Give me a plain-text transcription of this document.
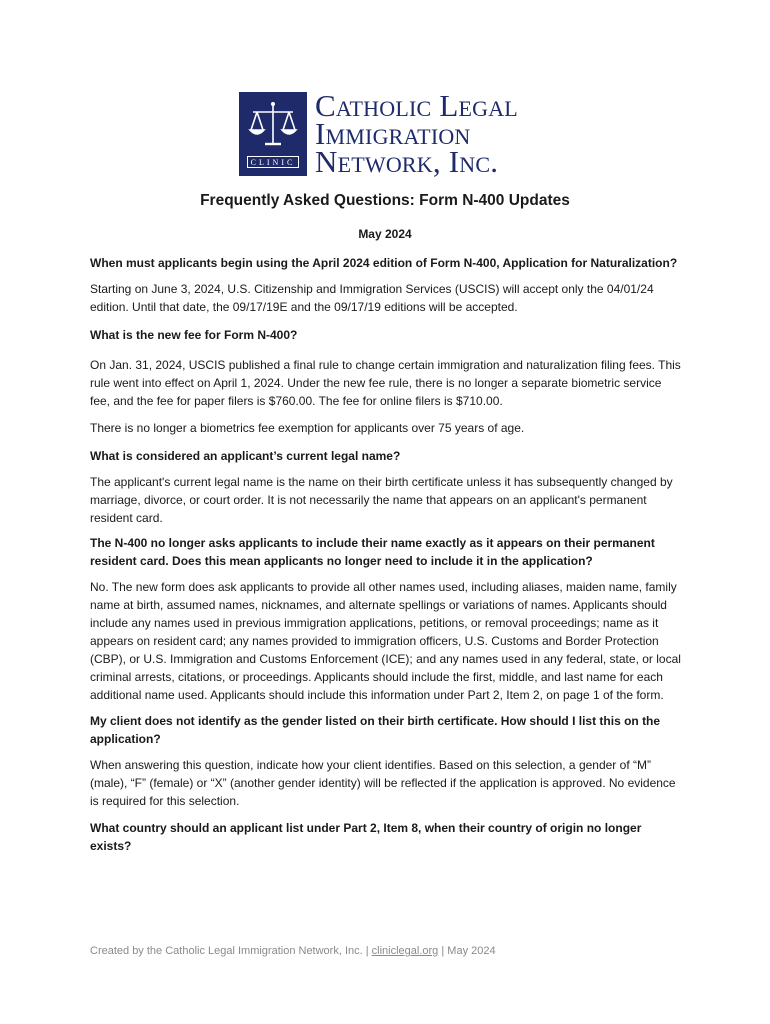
CLINIC
Catholic Legal
Immigration
Network, Inc.
Frequently Asked Questions: Form N-400 Updates
May 2024

When must applicants begin using the April 2024 edition of Form N-400, Application for Naturalization?

Starting on June 3, 2024, U.S. Citizenship and Immigration Services (USCIS) will accept only the 04/01/24 edition. Until that date, the 09/17/19E and the 09/17/19 editions will be accepted.

What is the new fee for Form N-400?

On Jan. 31, 2024, USCIS published a final rule to change certain immigration and naturalization filing fees. This rule went into effect on April 1, 2024. Under the new fee rule, there is no longer a separate biometric service fee, and the fee for paper filers is $760.00. The fee for online filers is $710.00.

There is no longer a biometrics fee exemption for applicants over 75 years of age.

What is considered an applicant’s current legal name?

The applicant's current legal name is the name on their birth certificate unless it has subsequently changed by marriage, divorce, or court order. It is not necessarily the name that appears on an applicant's permanent resident card.

The N-400 no longer asks applicants to include their name exactly as it appears on their permanent resident card. Does this mean applicants no longer need to include it in the application?

No. The new form does ask applicants to provide all other names used, including aliases, maiden name, family name at birth, assumed names, nicknames, and alternate spellings or variations of names. Applicants should include any names used in previous immigration applications, petitions, or removal proceedings; name as it appears on resident card; any names provided to immigration officers, U.S. Customs and Border Protection (CBP), or U.S. Immigration and Customs Enforcement (ICE); and any names used in any federal, state, or local criminal arrests, citations, or proceedings. Applicants should include the first, middle, and last name for each additional name used. Applicants should include this information under Part 2, Item 2, on page 1 of the form.

My client does not identify as the gender listed on their birth certificate. How should I list this on the application?

When answering this question, indicate how your client identifies. Based on this selection, a gender of “M” (male), “F” (female) or “X” (another gender identity) will be reflected if the application is approved. No evidence is required for this selection.

What country should an applicant list under Part 2, Item 8, when their country of origin no longer exists?

Created by the Catholic Legal Immigration Network, Inc. | cliniclegal.org | May 2024
